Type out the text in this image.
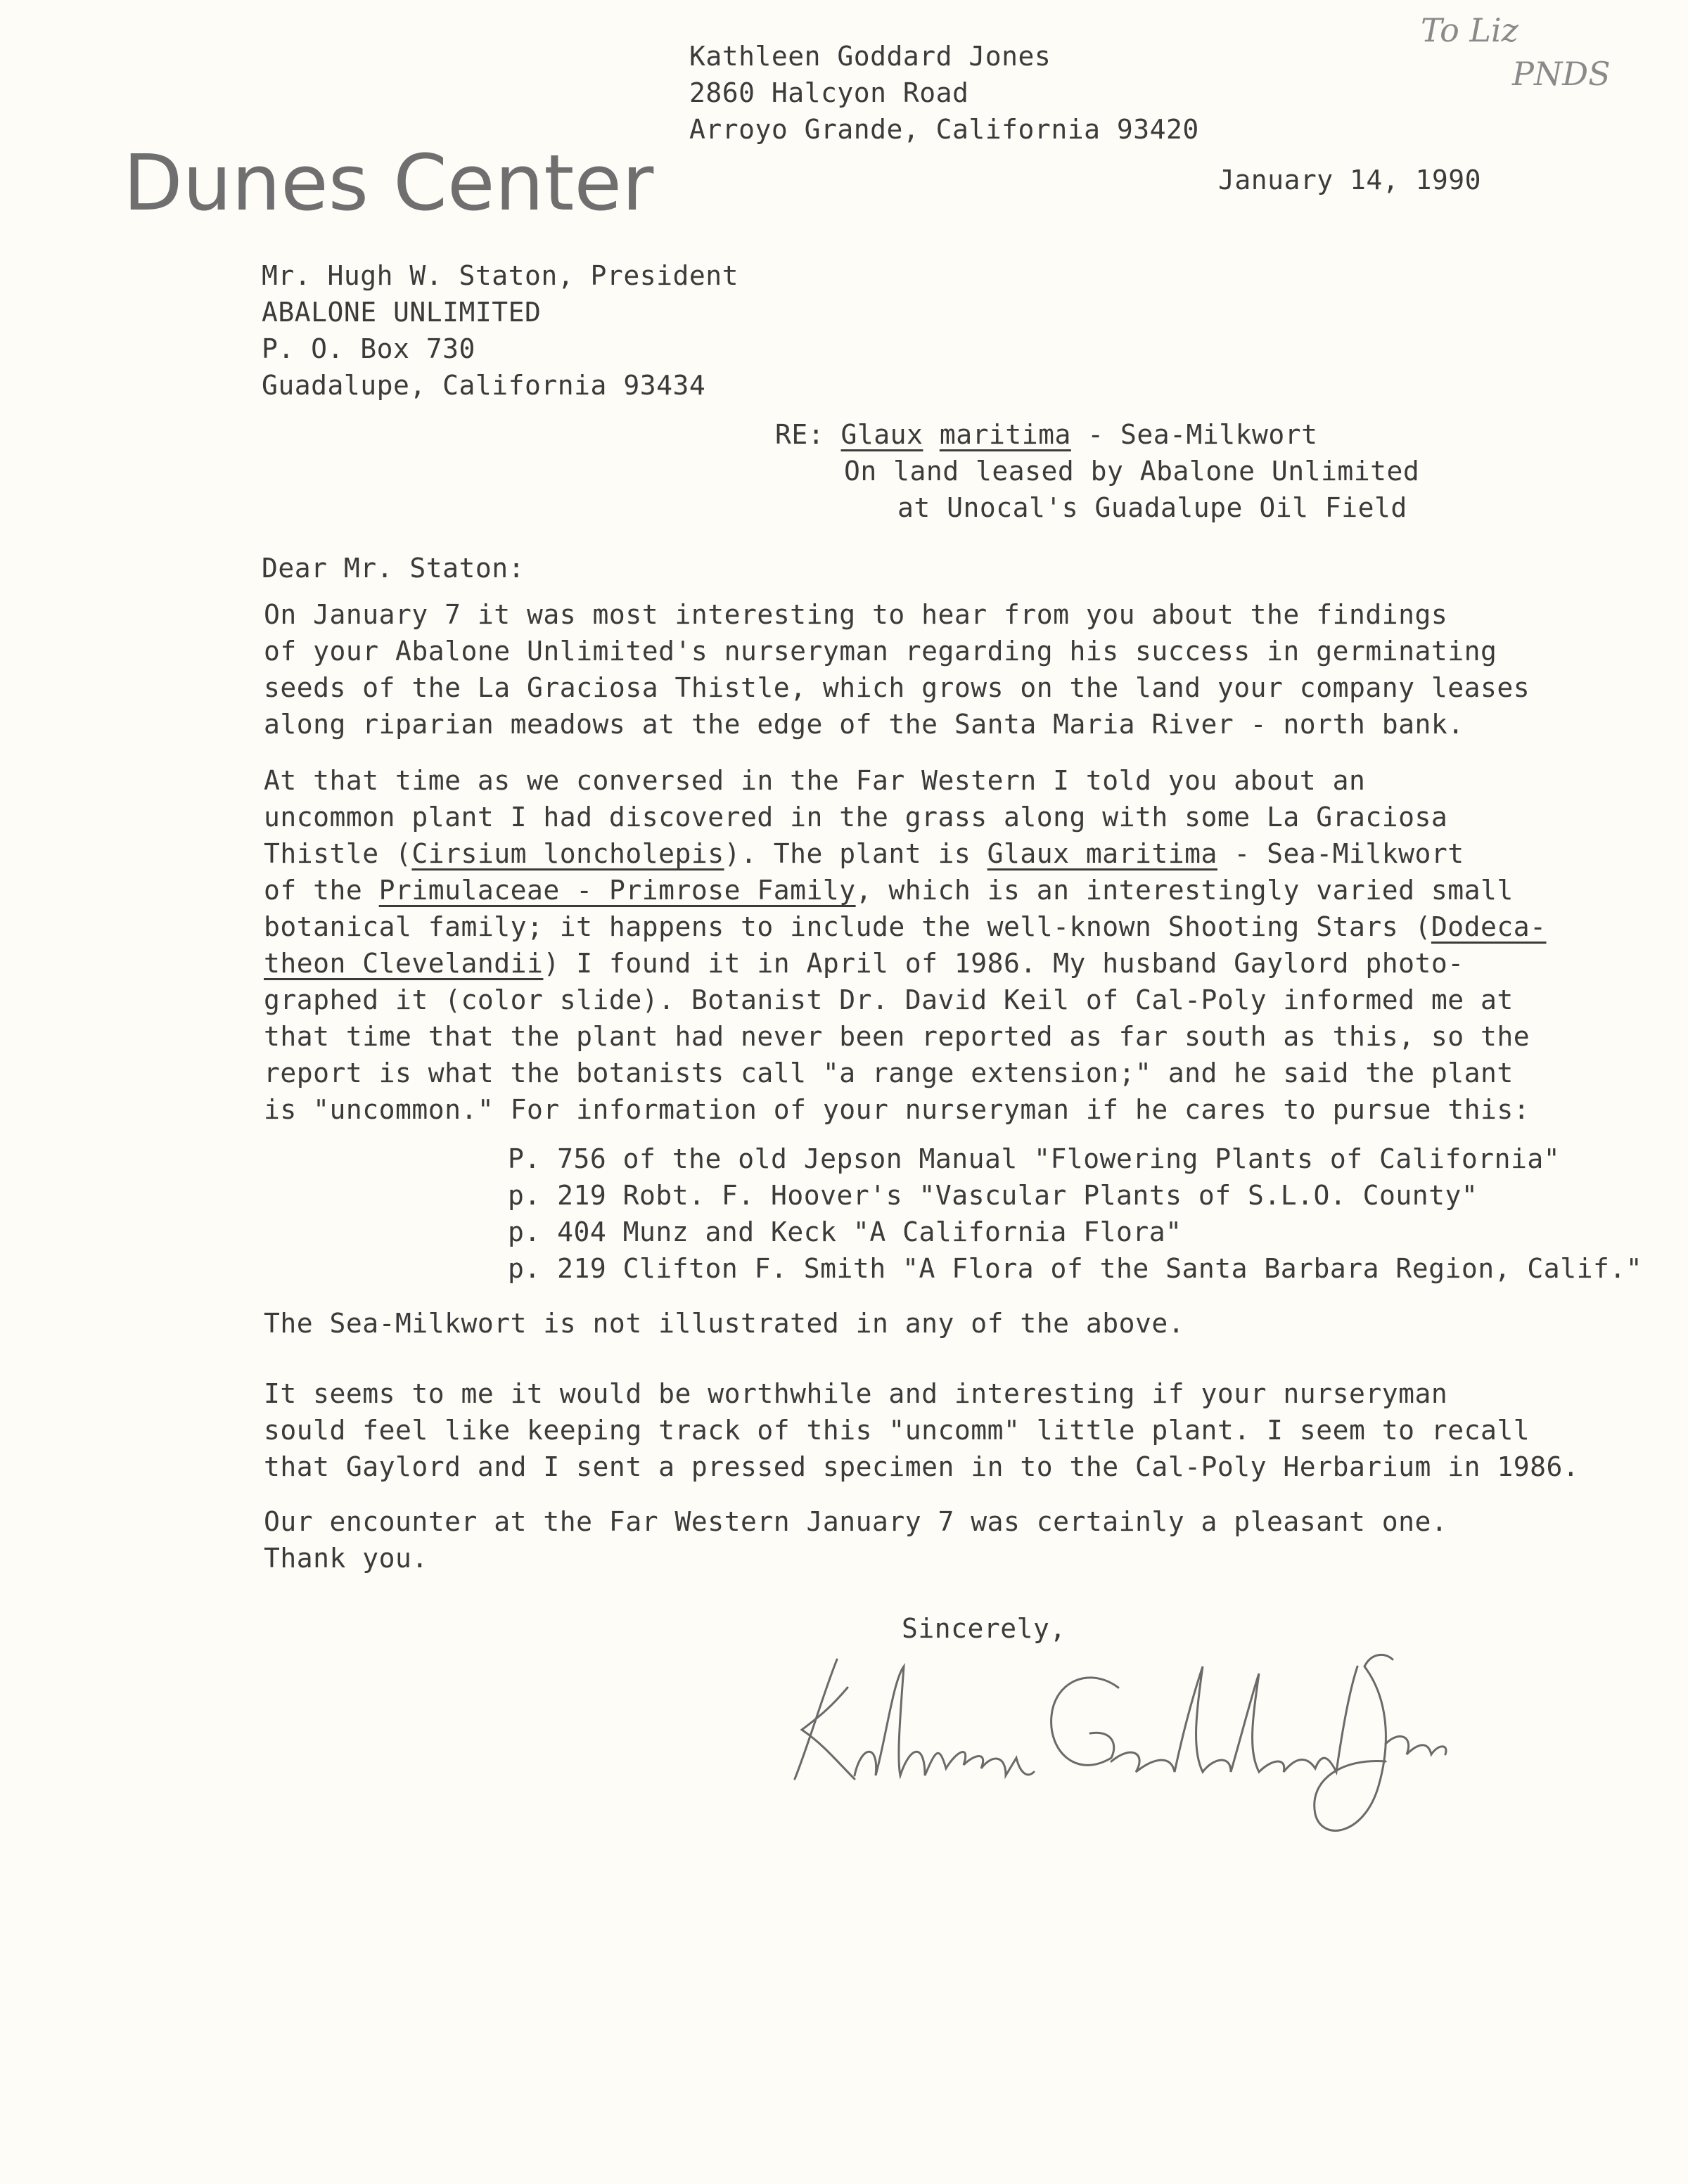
To Liz
PNDS
Dunes Center
Kathleen Goddard Jones
2860 Halcyon Road
Arroyo Grande, California 93420
January 14, 1990
Mr. Hugh W. Staton, President
ABALONE UNLIMITED
P. O. Box 730
Guadalupe, California 93434
RE: Glaux maritima - Sea-Milkwort
On land leased by Abalone Unlimited
at Unocal's Guadalupe Oil Field
Dear Mr. Staton:
On January 7 it was most interesting to hear from you about the findings
of your Abalone Unlimited's nurseryman regarding his success in germinating
seeds of the La Graciosa Thistle, which grows on the land your company leases
along riparian meadows at the edge of the Santa Maria River - north bank.
At that time as we conversed in the Far Western I told you about an
uncommon plant I had discovered in the grass along with some La Graciosa
Thistle (Cirsium loncholepis). The plant is Glaux maritima - Sea-Milkwort
of the Primulaceae - Primrose Family, which is an interestingly varied small
botanical family; it happens to include the well-known Shooting Stars (Dodeca-
theon Clevelandii) I found it in April of 1986. My husband Gaylord photo-
graphed it (color slide). Botanist Dr. David Keil of Cal-Poly informed me at
that time that the plant had never been reported as far south as this, so the
report is what the botanists call "a range extension;" and he said the plant
is "uncommon." For information of your nurseryman if he cares to pursue this:
P. 756 of the old Jepson Manual "Flowering Plants of California"
p. 219 Robt. F. Hoover's "Vascular Plants of S.L.O. County"
p. 404 Munz and Keck "A California Flora"
p. 219 Clifton F. Smith "A Flora of the Santa Barbara Region, Calif."
The Sea-Milkwort is not illustrated in any of the above.
It seems to me it would be worthwhile and interesting if your nurseryman
sould feel like keeping track of this "uncomm" little plant. I seem to recall
that Gaylord and I sent a pressed specimen in to the Cal-Poly Herbarium in 1986.
Our encounter at the Far Western January 7 was certainly a pleasant one.
Thank you.
Sincerely,
